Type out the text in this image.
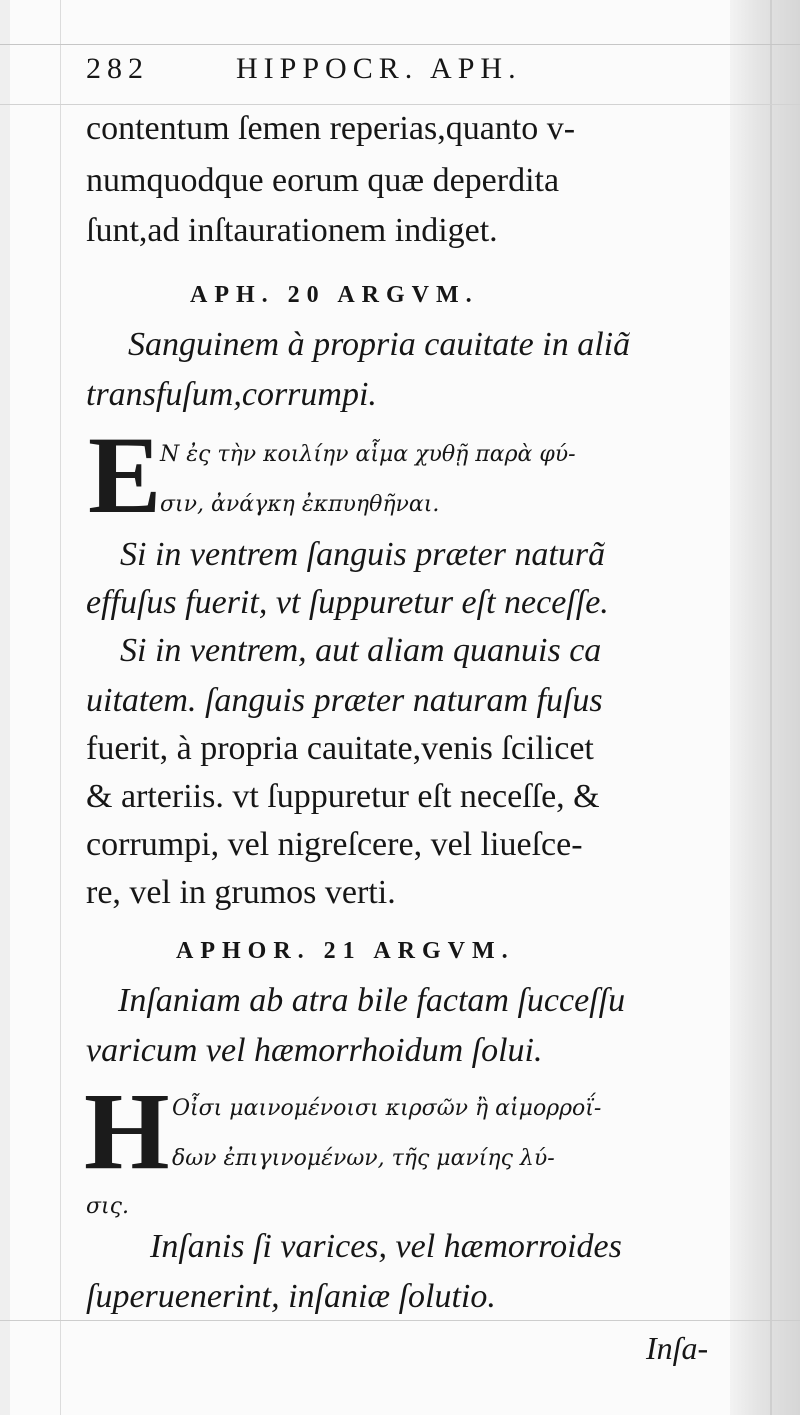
282	HIPPOCR. APH.
contentum ſemen reperias,quanto v-
numquodque eorum quæ deperdita
ſunt,ad inſtaurationem indiget.
APH. 20 ARGVM.
Sanguinem à propria cauitate in aliã
transfuſum,corrumpi.
E
Ν ἐς τὴν κοιλίην αἷμα χυθῇ παρὰ φύ-
σιν, ἀνάγκη ἐκπυηθῆναι.
Si in ventrem ſanguis præter naturã
effuſus fuerit, vt ſuppuretur eſt neceſſe.
Si in ventrem, aut aliam quanuis ca
uitatem. ſanguis præter naturam fuſus
fuerit, à propria cauitate,venis ſcilicet
& arteriis. vt ſuppuretur eſt neceſſe, &
corrumpi, vel nigreſcere, vel liueſce-
re, vel in grumos verti.
APHOR. 21 ARGVM.
Inſaniam ab atra bile factam ſucceſſu
varicum vel hæmorrhoidum ſolui.
H Οἶσι μαινομένοισι κιρσῶν ἢ αἱμορροΐ-
δων ἐπιγινομένων, τῆς μανίης λύ-
σις.
Inſanis ſi varices, vel hæmorroides
ſuperuenerint, inſaniæ ſolutio.
Inſa-
